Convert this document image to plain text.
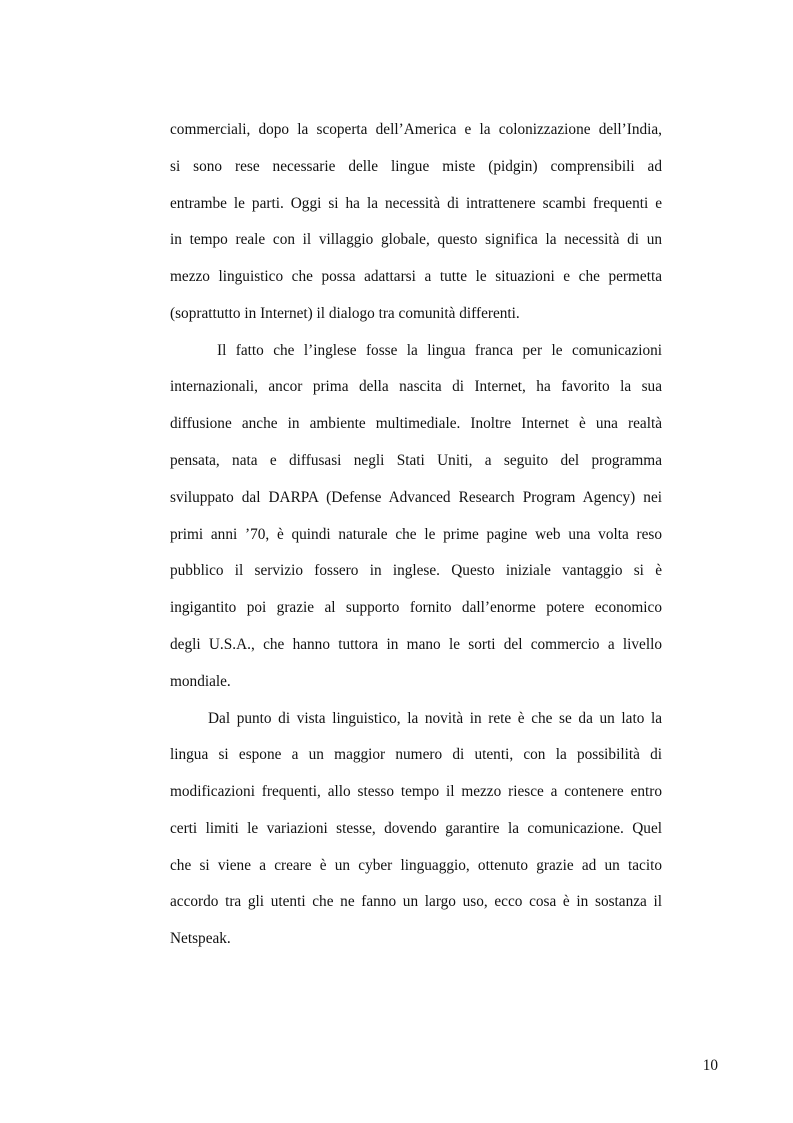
commerciali, dopo la scoperta dell’America e la colonizzazione dell’India,
si sono rese necessarie delle lingue miste (pidgin) comprensibili ad
entrambe le parti. Oggi si ha la necessità di intrattenere scambi frequenti e
in tempo reale con il villaggio globale, questo significa la necessità di un
mezzo linguistico che possa adattarsi a tutte le situazioni e che permetta
(soprattutto in Internet) il dialogo tra comunità differenti.
Il fatto che l’inglese fosse la lingua franca per le comunicazioni
internazionali, ancor prima della nascita di Internet, ha favorito la sua
diffusione anche in ambiente multimediale. Inoltre Internet è una realtà
pensata, nata e diffusasi negli Stati Uniti, a seguito del programma
sviluppato dal DARPA (Defense Advanced Research Program Agency) nei
primi anni ’70, è quindi naturale che le prime pagine web una volta reso
pubblico il servizio fossero in inglese. Questo iniziale vantaggio si è
ingigantito poi grazie al supporto fornito dall’enorme potere economico
degli U.S.A., che hanno tuttora in mano le sorti del commercio a livello
mondiale.
Dal punto di vista linguistico, la novità in rete è che se da un lato la
lingua si espone a un maggior numero di utenti, con la possibilità di
modificazioni frequenti, allo stesso tempo il mezzo riesce a contenere entro
certi limiti le variazioni stesse, dovendo garantire la comunicazione. Quel
che si viene a creare è un cyber linguaggio, ottenuto grazie ad un tacito
accordo tra gli utenti che ne fanno un largo uso, ecco cosa è in sostanza il
Netspeak.
10
